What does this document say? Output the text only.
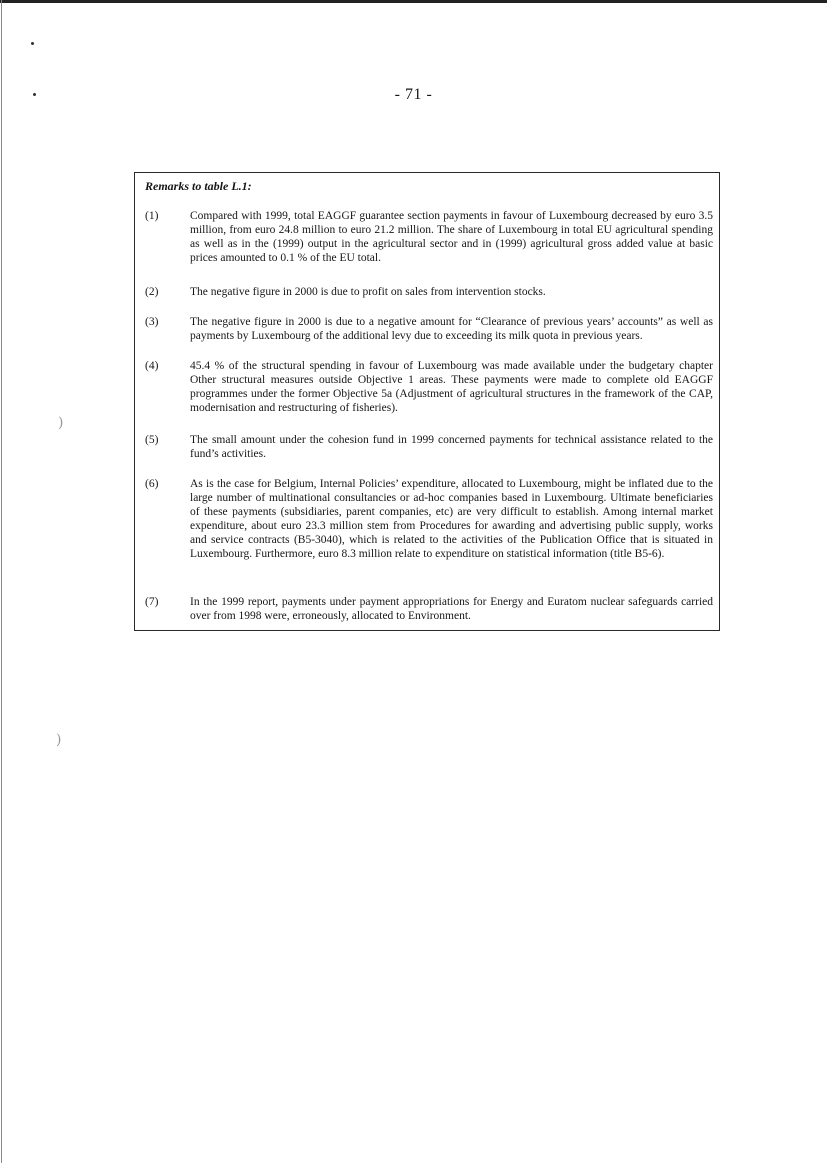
)
)
- 71 -
Remarks to table L.1:
(1)	Compared with 1999, total EAGGF guarantee section payments in favour of Luxembourg decreased by euro 3.5 million, from euro 24.8 million to euro 21.2 million. The share of Luxembourg in total EU agricultural spending as well as in the (1999) output in the agricultural sector and in (1999) agricultural gross added value at basic prices amounted to 0.1 % of the EU total.
(2)	The negative figure in 2000 is due to profit on sales from intervention stocks.
(3)	The negative figure in 2000 is due to a negative amount for “Clearance of previous years’ accounts” as well as payments by Luxembourg of the additional levy due to exceeding its milk quota in previous years.
(4)	45.4 % of the structural spending in favour of Luxembourg was made available under the budgetary chapter Other structural measures outside Objective 1 areas. These payments were made to complete old EAGGF programmes under the former Objective 5a (Adjustment of agricultural structures in the framework of the CAP, modernisation and restructuring of fisheries).
(5)	The small amount under the cohesion fund in 1999 concerned payments for technical assistance related to the fund’s activities.
(6)	As is the case for Belgium, Internal Policies’ expenditure, allocated to Luxembourg, might be inflated due to the large number of multinational consultancies or ad-hoc companies based in Luxembourg. Ultimate beneficiaries of these payments (subsidiaries, parent companies, etc) are very difficult to establish. Among internal market expenditure, about euro 23.3 million stem from Procedures for awarding and advertising public supply, works and service contracts (B5-3040), which is related to the activities of the Publication Office that is situated in Luxembourg. Furthermore, euro 8.3 million relate to expenditure on statistical information (title B5-6).
(7)	In the 1999 report, payments under payment appropriations for Energy and Euratom nuclear safeguards carried over from 1998 were, erroneously, allocated to Environment.
